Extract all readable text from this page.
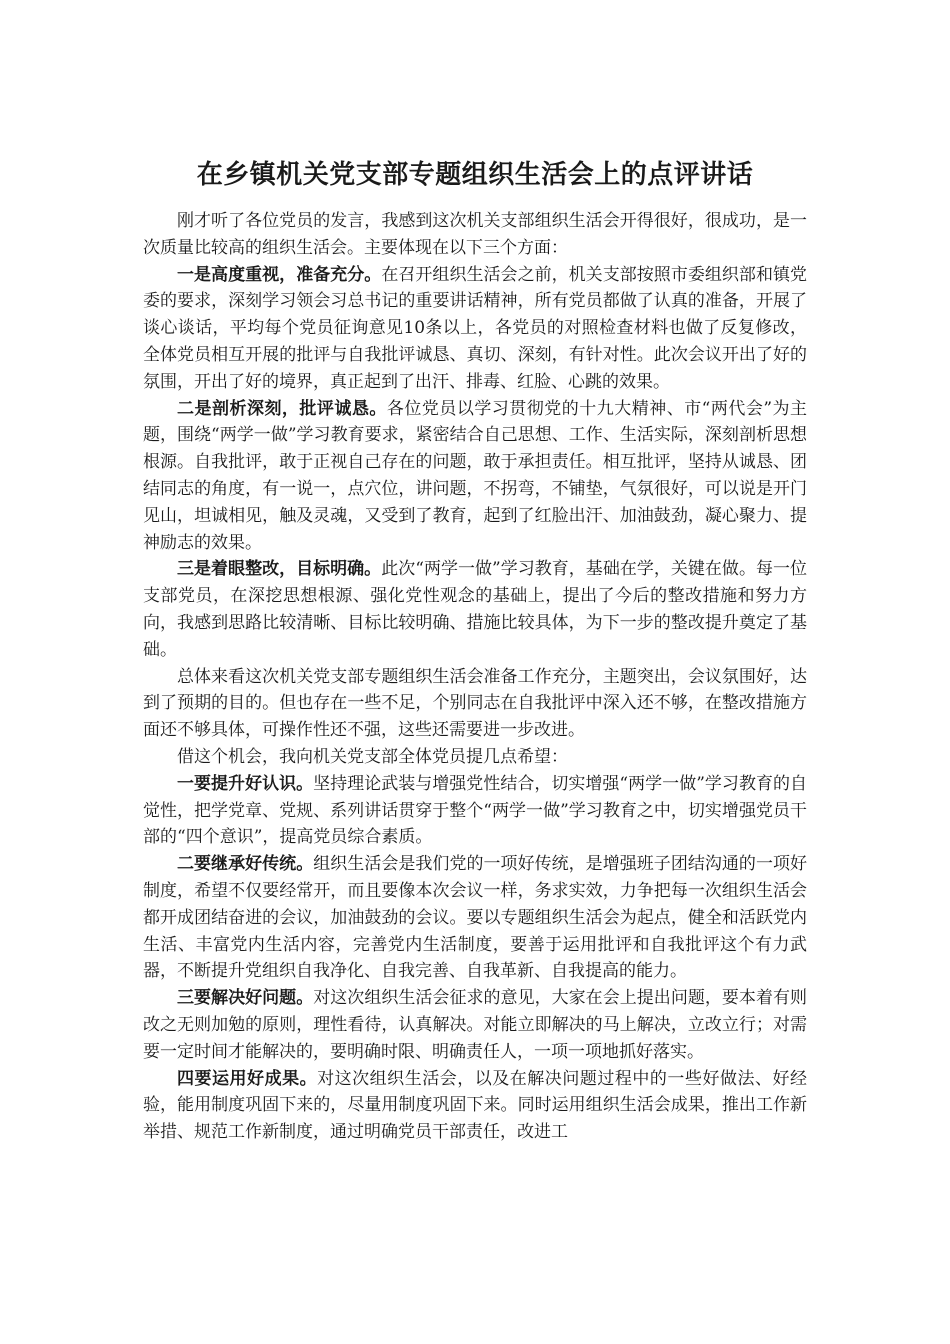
在乡镇机关党支部专题组织生活会上的点评讲话

刚才听了各位党员的发言，我感到这次机关支部组织生活会开得很好，很成功，是一次质量比较高的组织生活会。主要体现在以下三个方面：

一是高度重视，准备充分。在召开组织生活会之前，机关支部按照市委组织部和镇党委的要求，深刻学习领会习总书记的重要讲话精神，所有党员都做了认真的准备，开展了谈心谈话，平均每个党员征询意见10条以上，各党员的对照检查材料也做了反复修改，全体党员相互开展的批评与自我批评诚恳、真切、深刻，有针对性。此次会议开出了好的氛围，开出了好的境界，真正起到了出汗、排毒、红脸、心跳的效果。

二是剖析深刻，批评诚恳。各位党员以学习贯彻党的十九大精神、市“两代会”为主题，围绕“两学一做”学习教育要求，紧密结合自己思想、工作、生活实际，深刻剖析思想根源。自我批评，敢于正视自己存在的问题，敢于承担责任。相互批评，坚持从诚恳、团结同志的角度，有一说一，点穴位，讲问题，不拐弯，不铺垫，气氛很好，可以说是开门见山，坦诚相见，触及灵魂，又受到了教育，起到了红脸出汗、加油鼓劲，凝心聚力、提神励志的效果。

三是着眼整改，目标明确。此次“两学一做”学习教育，基础在学，关键在做。每一位支部党员，在深挖思想根源、强化党性观念的基础上，提出了今后的整改措施和努力方向，我感到思路比较清晰、目标比较明确、措施比较具体，为下一步的整改提升奠定了基础。

总体来看这次机关党支部专题组织生活会准备工作充分，主题突出，会议氛围好，达到了预期的目的。但也存在一些不足，个别同志在自我批评中深入还不够，在整改措施方面还不够具体，可操作性还不强，这些还需要进一步改进。

借这个机会，我向机关党支部全体党员提几点希望：

一要提升好认识。坚持理论武装与增强党性结合，切实增强“两学一做”学习教育的自觉性，把学党章、党规、系列讲话贯穿于整个“两学一做”学习教育之中，切实增强党员干部的“四个意识”，提高党员综合素质。

二要继承好传统。组织生活会是我们党的一项好传统，是增强班子团结沟通的一项好制度，希望不仅要经常开，而且要像本次会议一样，务求实效，力争把每一次组织生活会都开成团结奋进的会议，加油鼓劲的会议。要以专题组织生活会为起点，健全和活跃党内生活、丰富党内生活内容，完善党内生活制度，要善于运用批评和自我批评这个有力武器，不断提升党组织自我净化、自我完善、自我革新、自我提高的能力。

三要解决好问题。对这次组织生活会征求的意见，大家在会上提出问题，要本着有则改之无则加勉的原则，理性看待，认真解决。对能立即解决的马上解决，立改立行；对需要一定时间才能解决的，要明确时限、明确责任人，一项一项地抓好落实。

四要运用好成果。对这次组织生活会，以及在解决问题过程中的一些好做法、好经验，能用制度巩固下来的，尽量用制度巩固下来。同时运用组织生活会成果，推出工作新举措、规范工作新制度，通过明确党员干部责任，改进工
